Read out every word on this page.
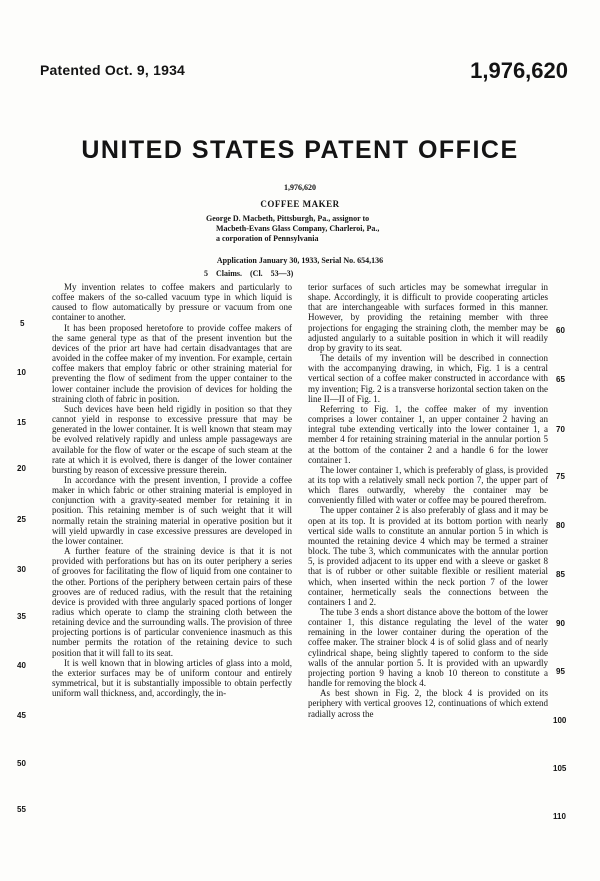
Patented Oct. 9, 1934	1,976,620
UNITED STATES PATENT OFFICE
1,976,620
COFFEE MAKER
George D. Macbeth, Pittsburgh, Pa., assignor to
Macbeth-Evans Glass Company, Charleroi, Pa.,
a corporation of Pennsylvania
Application January 30, 1933, Serial No. 654,136
5 Claims. (Cl. 53—3)

My invention relates to coffee makers and particularly to coffee makers of the so-called vacuum type in which liquid is caused to flow automatically by pressure or vacuum from one container to another.

It has been proposed heretofore to provide coffee makers of the same general type as that of the present invention but the devices of the prior art have had certain disadvantages that are avoided in the coffee maker of my invention. For example, certain coffee makers that employ fabric or other straining material for preventing the flow of sediment from the upper container to the lower container include the provision of devices for holding the straining cloth of fabric in position.

Such devices have been held rigidly in position so that they cannot yield in response to excessive pressure that may be generated in the lower container. It is well known that steam may be evolved relatively rapidly and unless ample passageways are available for the flow of water or the escape of such steam at the rate at which it is evolved, there is danger of the lower container bursting by reason of excessive pressure therein.

In accordance with the present invention, I provide a coffee maker in which fabric or other straining material is employed in conjunction with a gravity-seated member for retaining it in position. This retaining member is of such weight that it will normally retain the straining material in operative position but it will yield upwardly in case excessive pressures are developed in the lower container.

A further feature of the straining device is that it is not provided with perforations but has on its outer periphery a series of grooves for facilitating the flow of liquid from one container to the other. Portions of the periphery between certain pairs of these grooves are of reduced radius, with the result that the retaining device is provided with three angularly spaced portions of longer radius which operate to clamp the straining cloth between the retaining device and the surrounding walls. The provision of three projecting portions is of particular convenience inasmuch as this number permits the rotation of the retaining device to such position that it will fall to its seat.

It is well known that in blowing articles of glass into a mold, the exterior surfaces may be of uniform contour and entirely symmetrical, but it is substantially impossible to obtain perfectly uniform wall thickness, and, accordingly, the in-

terior surfaces of such articles may be somewhat irregular in shape. Accordingly, it is difficult to provide cooperating articles that are interchangeable with surfaces formed in this manner. However, by providing the retaining member with three projections for engaging the straining cloth, the member may be adjusted angularly to a suitable position in which it will readily drop by gravity to its seat.

The details of my invention will be described in connection with the accompanying drawing, in which, Fig. 1 is a central vertical section of a coffee maker constructed in accordance with my invention; Fig. 2 is a transverse horizontal section taken on the line II—II of Fig. 1.

Referring to Fig. 1, the coffee maker of my invention comprises a lower container 1, an upper container 2 having an integral tube extending vertically into the lower container 1, a member 4 for retaining straining material in the annular portion 5 at the bottom of the container 2 and a handle 6 for the lower container 1.

The lower container 1, which is preferably of glass, is provided at its top with a relatively small neck portion 7, the upper part of which flares outwardly, whereby the container may be conveniently filled with water or coffee may be poured therefrom.

The upper container 2 is also preferably of glass and it may be open at its top. It is provided at its bottom portion with nearly vertical side walls to constitute an annular portion 5 in which is mounted the retaining device 4 which may be termed a strainer block. The tube 3, which communicates with the annular portion 5, is provided adjacent to its upper end with a sleeve or gasket 8 that is of rubber or other suitable flexible or resilient material which, when inserted within the neck portion 7 of the lower container, hermetically seals the connections between the containers 1 and 2.

The tube 3 ends a short distance above the bottom of the lower container 1, this distance regulating the level of the water remaining in the lower container during the operation of the coffee maker. The strainer block 4 is of solid glass and of nearly cylindrical shape, being slightly tapered to conform to the side walls of the annular portion 5. It is provided with an upwardly projecting portion 9 having a knob 10 thereon to constitute a handle for removing the block 4.

As best shown in Fig. 2, the block 4 is provided on its periphery with vertical grooves 12, continuations of which extend radially across the

5
10
15
20
25
30
35
40
45
50
55
60
65
70
75
80
85
90
95
100
105
110
